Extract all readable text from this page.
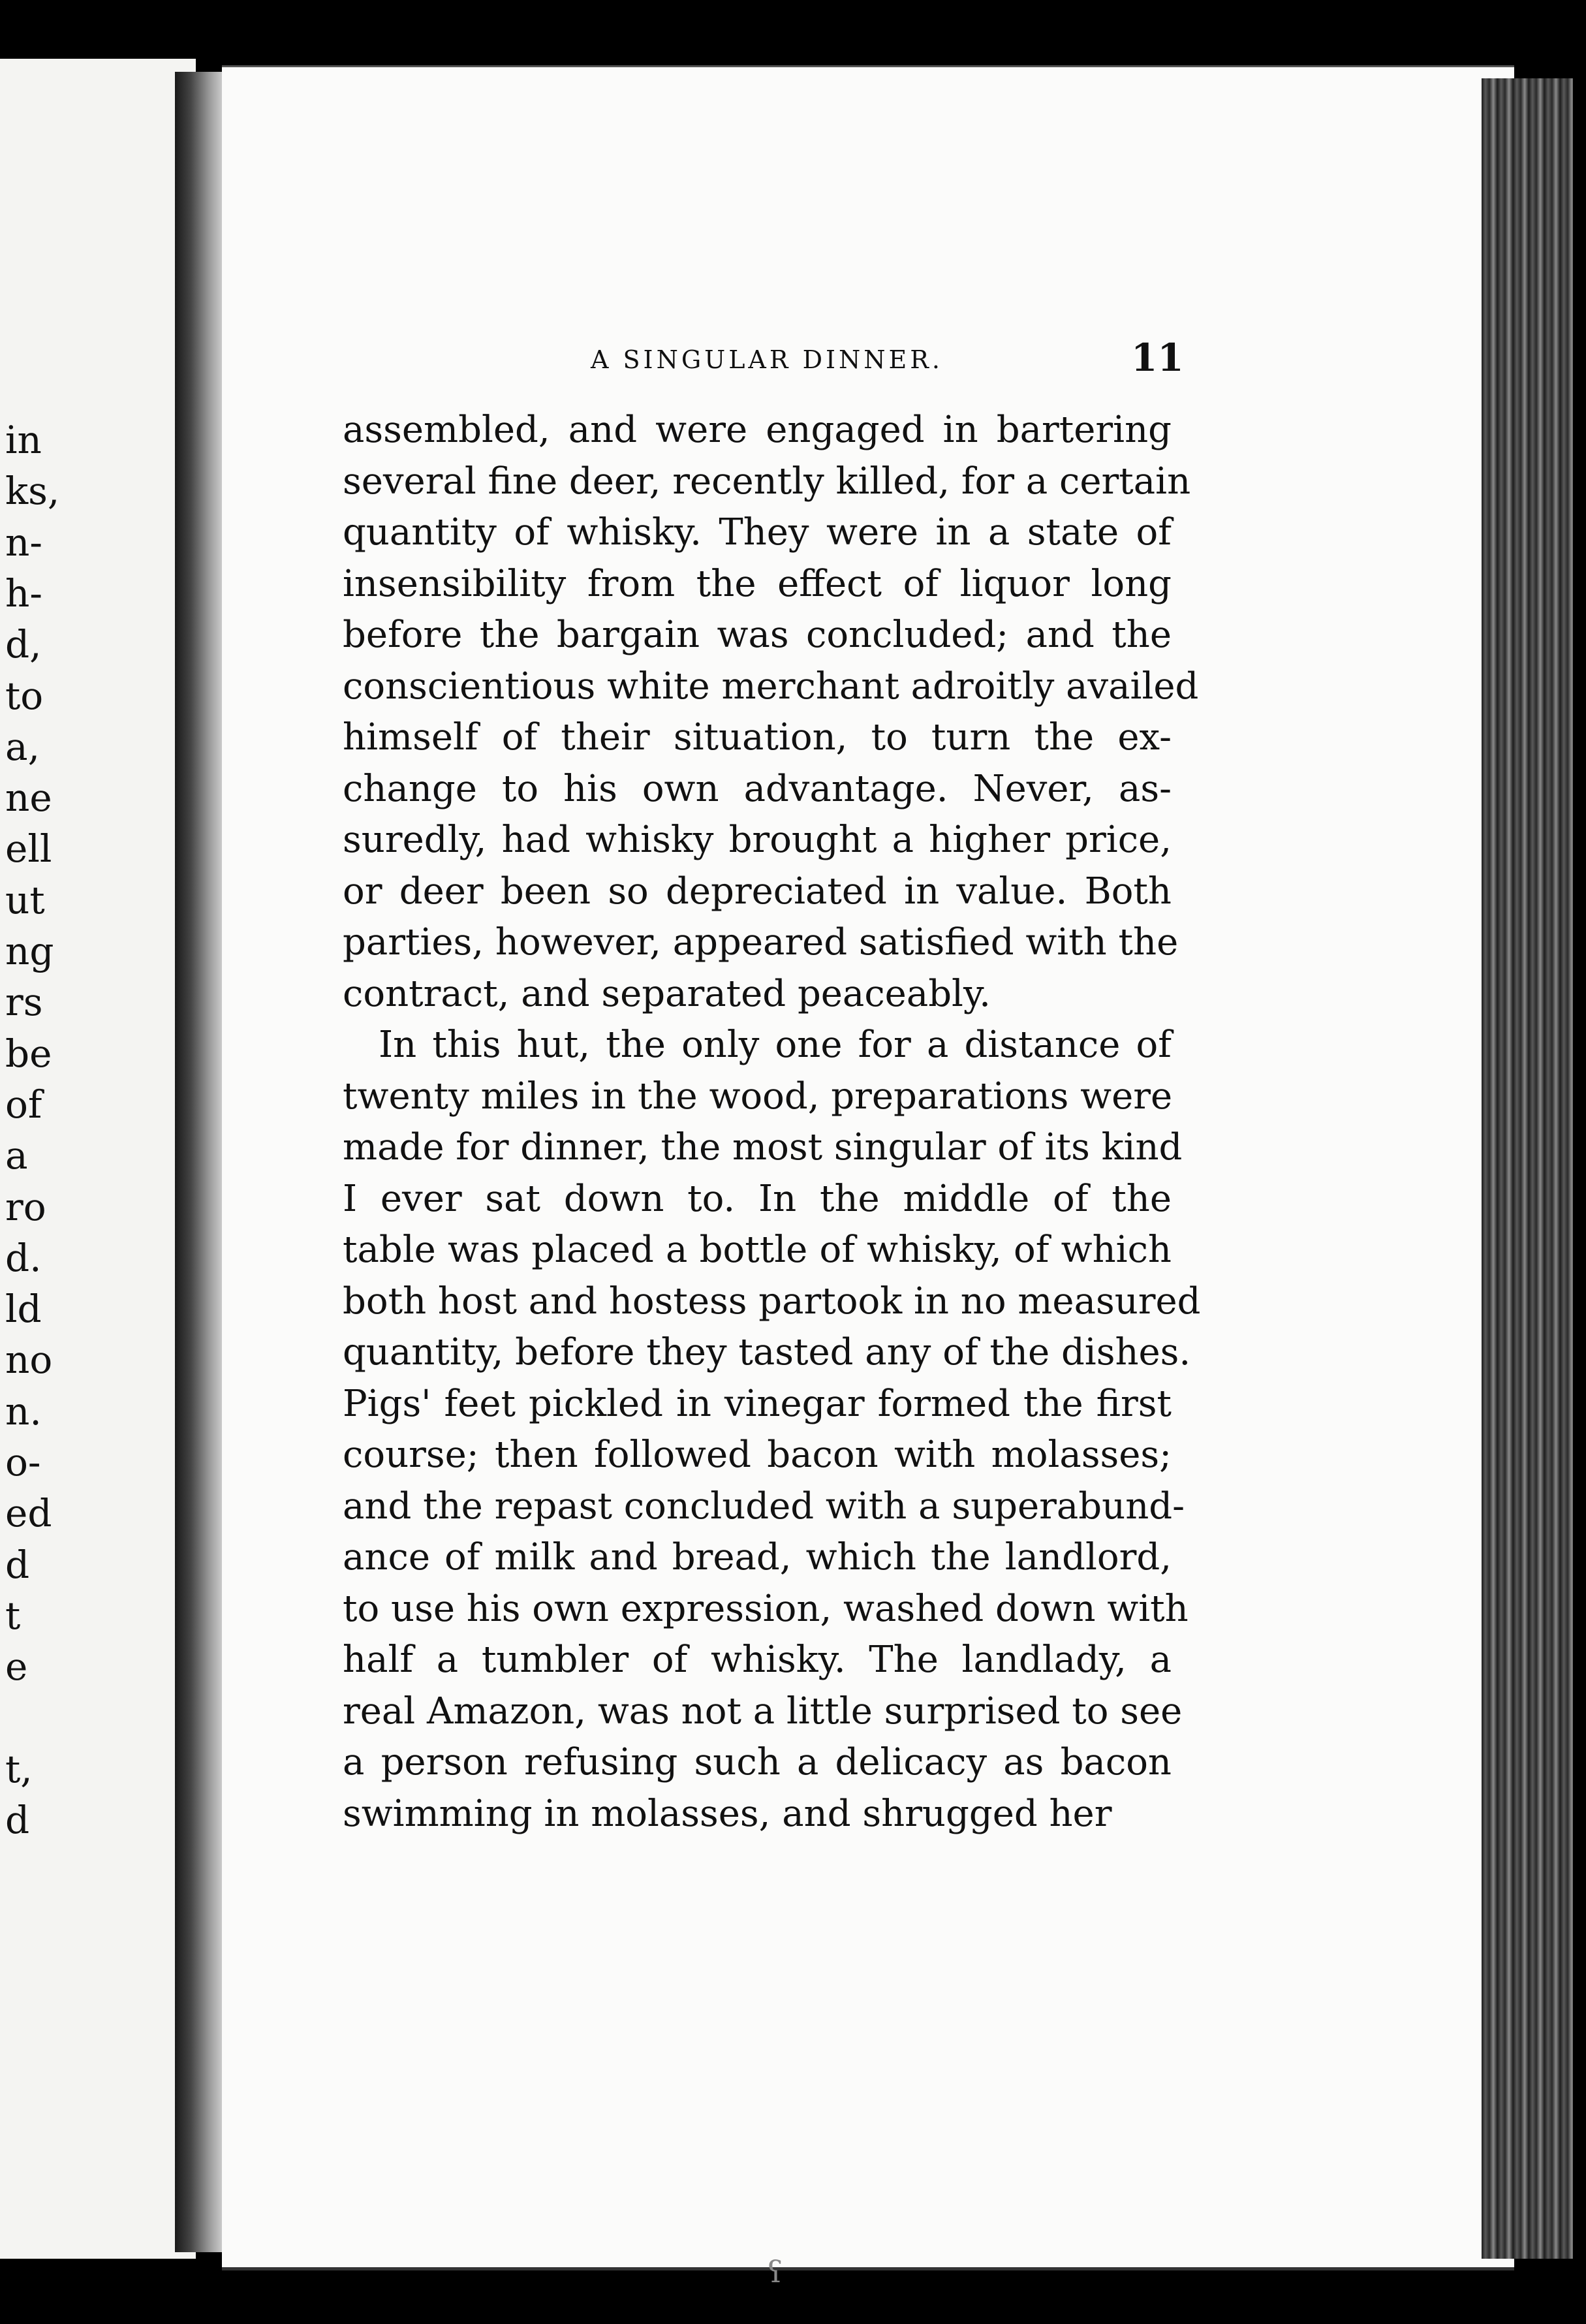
in
ks,
n-
h-
d,
to
a,
ne
ell
ut
ng
rs
be
of
a
ro
d.
ld
no
n.
o-
ed
d
t
e
t,
d
A SINGULAR DINNER.	11
assembled, and were engaged in bartering
several fine deer, recently killed, for a certain
quantity of whisky. They were in a state of
insensibility from the effect of liquor long
before the bargain was concluded; and the
conscientious white merchant adroitly availed
himself of their situation, to turn the ex-
change to his own advantage. Never, as-
suredly, had whisky brought a higher price,
or deer been so depreciated in value. Both
parties, however, appeared satisfied with the
contract, and separated peaceably.
In this hut, the only one for a distance of
twenty miles in the wood, preparations were
made for dinner, the most singular of its kind
I ever sat down to. In the middle of the
table was placed a bottle of whisky, of which
both host and hostess partook in no measured
quantity, before they tasted any of the dishes.
Pigs' feet pickled in vinegar formed the first
course; then followed bacon with molasses;
and the repast concluded with a superabund-
ance of milk and bread, which the landlord,
to use his own expression, washed down with
half a tumbler of whisky. The landlady, a
real Amazon, was not a little surprised to see
a person refusing such a delicacy as bacon
swimming in molasses, and shrugged her
ʕ
